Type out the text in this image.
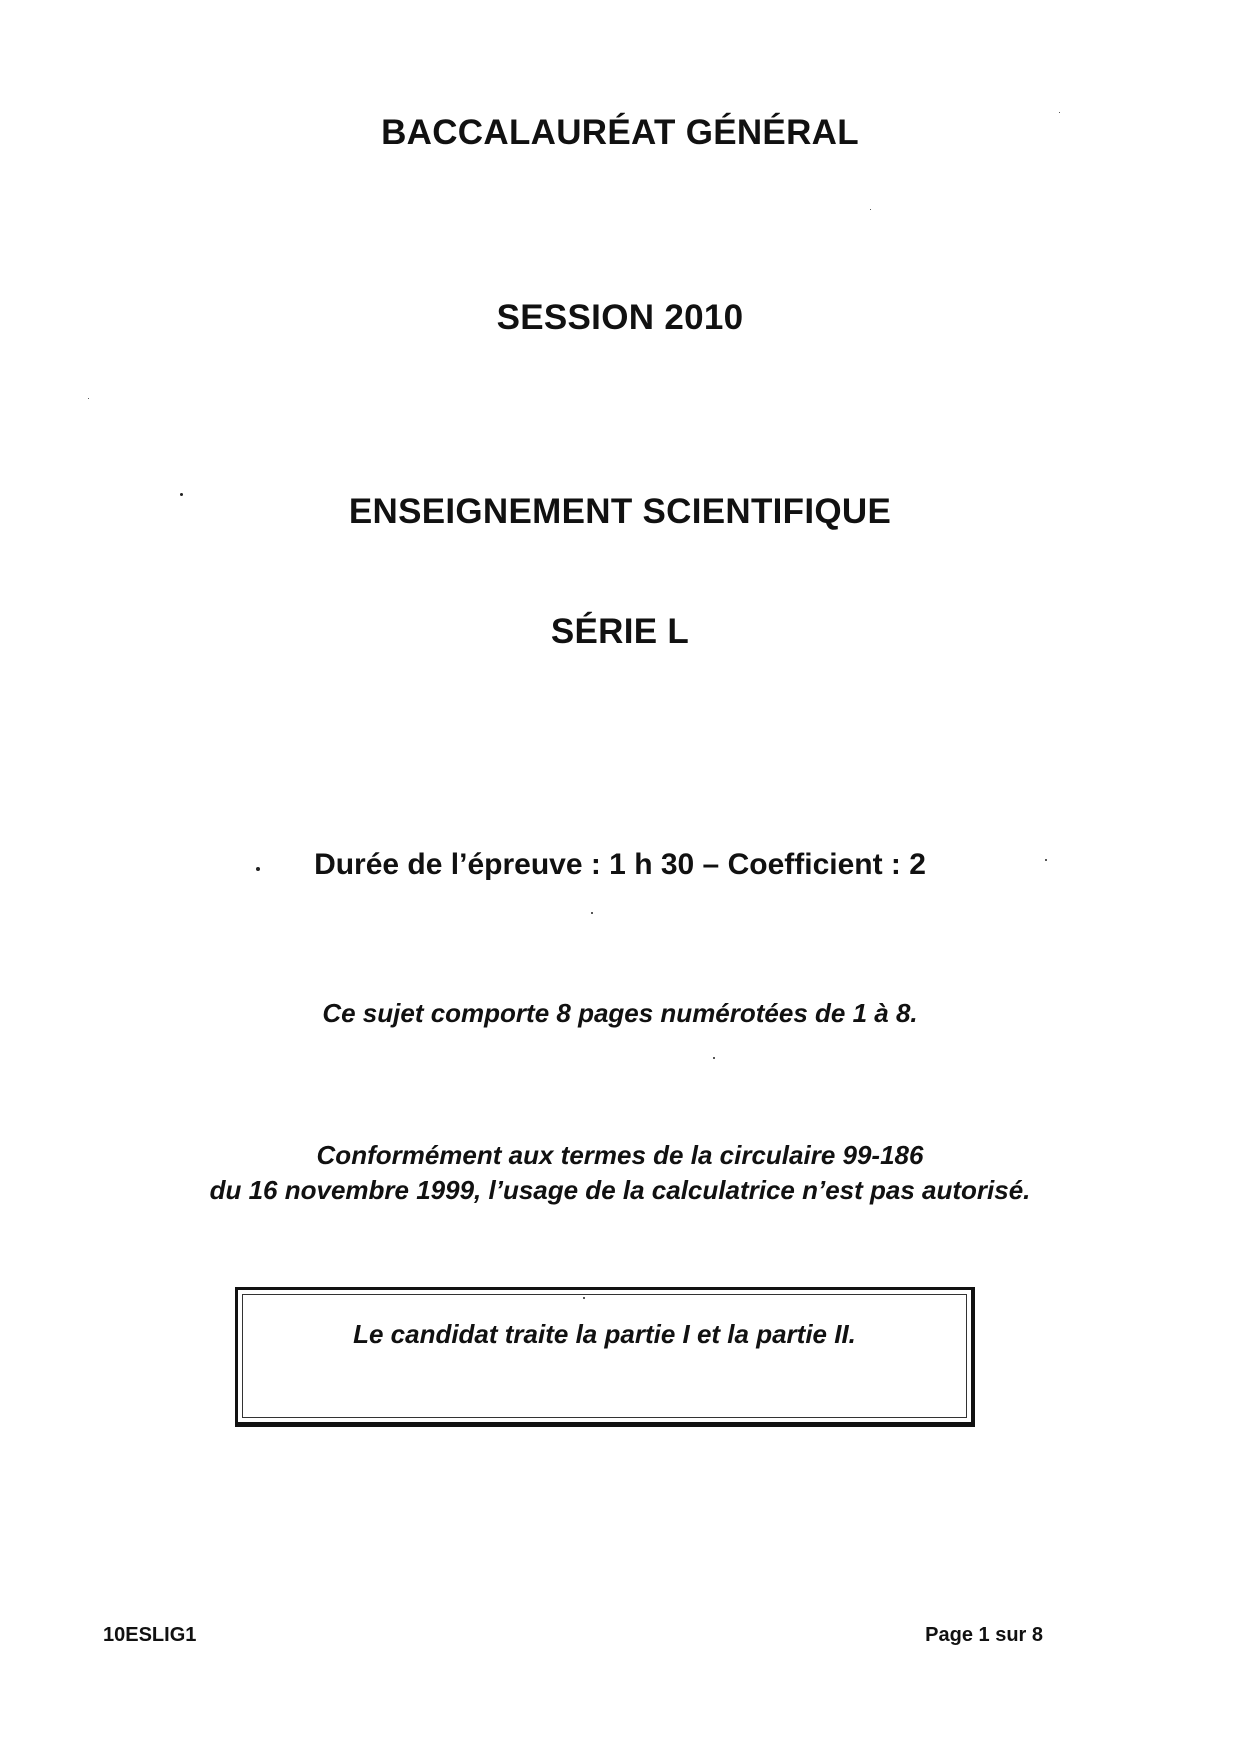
BACCALAURÉAT GÉNÉRAL
SESSION 2010
ENSEIGNEMENT SCIENTIFIQUE
SÉRIE L
Durée de l’épreuve : 1 h 30 – Coefficient : 2
Ce sujet comporte 8 pages numérotées de 1 à 8.
Conformément aux termes de la circulaire 99-186
du 16 novembre 1999, l’usage de la calculatrice n’est pas autorisé.
Le candidat traite la partie I et la partie II.
10ESLIG1	Page 1 sur 8
